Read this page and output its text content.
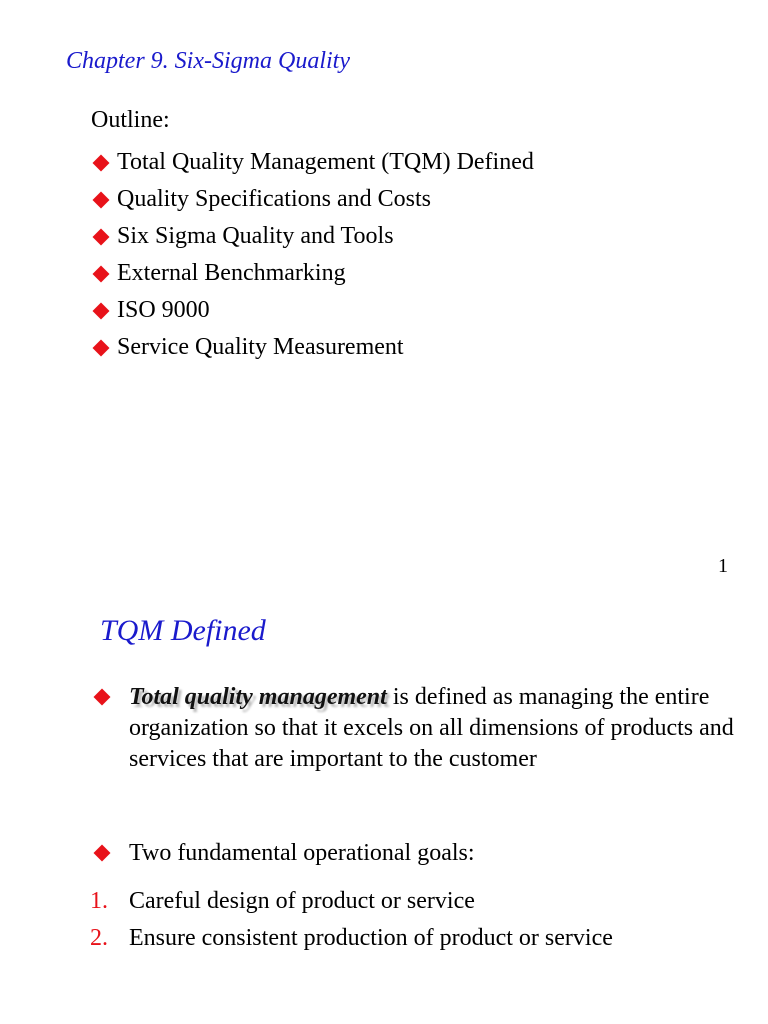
Chapter 9. Six-Sigma Quality

Outline:

Total Quality Management (TQM) Defined
Quality Specifications and Costs
Six Sigma Quality and Tools
External Benchmarking
ISO 9000
Service Quality Measurement
1
TQM Defined
Total quality management is defined as managing the entire organization so that it excels on all dimensions of products and services that are important to the customer
Two fundamental operational goals:
1. Careful design of product or service
2. Ensure consistent production of product or service
